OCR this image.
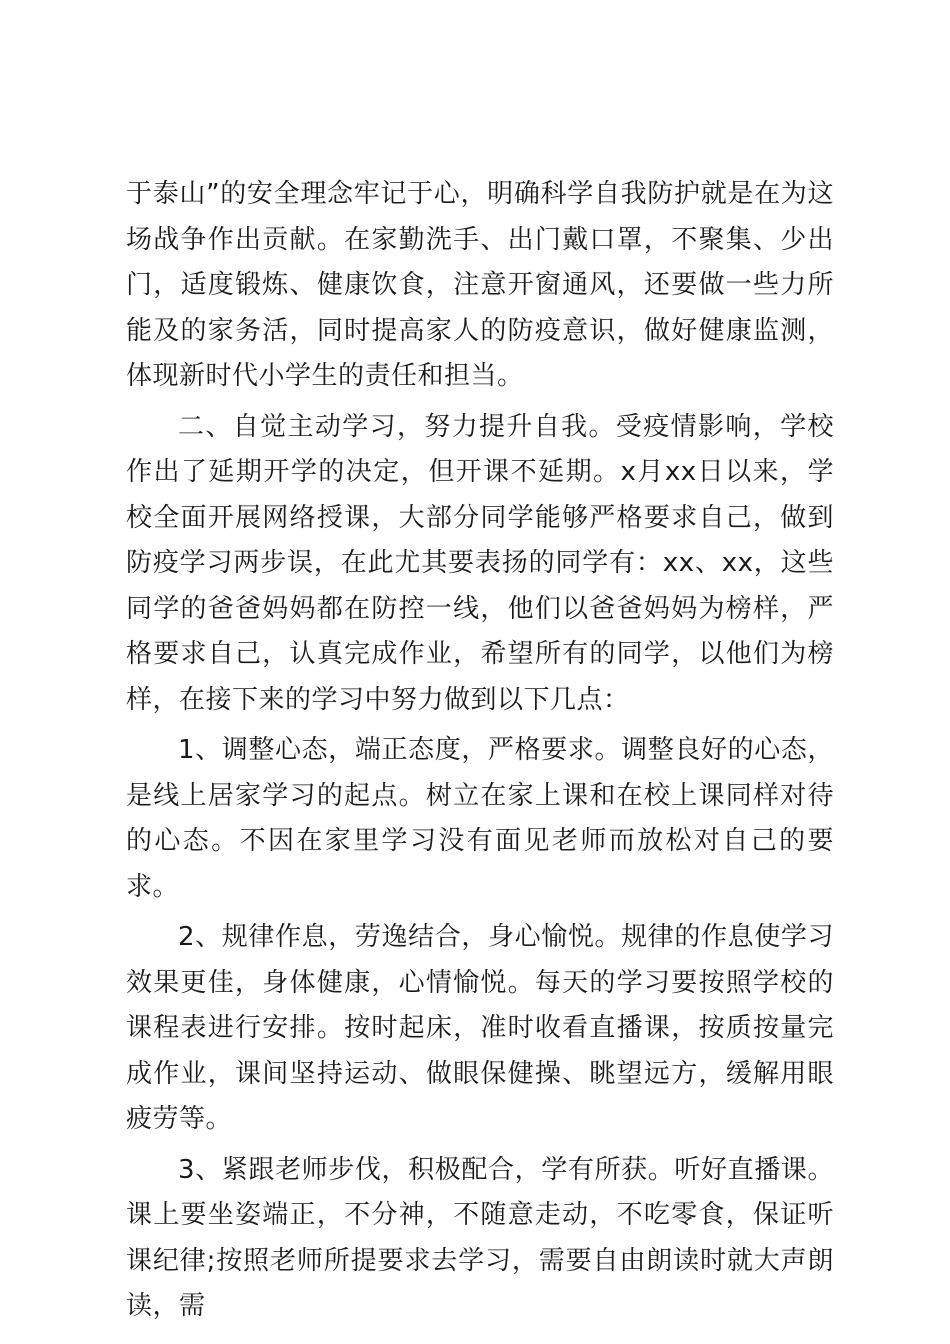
于泰山”的安全理念牢记于心，明确科学自我防护就是在为这场战争作出贡献。在家勤洗手、出门戴口罩，不聚集、少出门，适度锻炼、健康饮食，注意开窗通风，还要做一些力所能及的家务活，同时提高家人的防疫意识，做好健康监测，体现新时代小学生的责任和担当。

二、自觉主动学习，努力提升自我。受疫情影响，学校作出了延期开学的决定，但开课不延期。x月xx日以来，学校全面开展网络授课，大部分同学能够严格要求自己，做到防疫学习两步误，在此尤其要表扬的同学有：xx、xx，这些同学的爸爸妈妈都在防控一线，他们以爸爸妈妈为榜样，严格要求自己，认真完成作业，希望所有的同学，以他们为榜样，在接下来的学习中努力做到以下几点：

1、调整心态，端正态度，严格要求。调整良好的心态，是线上居家学习的起点。树立在家上课和在校上课同样对待的心态。不因在家里学习没有面见老师而放松对自己的要求。

2、规律作息，劳逸结合，身心愉悦。规律的作息使学习效果更佳，身体健康，心情愉悦。每天的学习要按照学校的课程表进行安排。按时起床，准时收看直播课，按质按量完成作业，课间坚持运动、做眼保健操、眺望远方，缓解用眼疲劳等。

3、紧跟老师步伐，积极配合，学有所获。听好直播课。课上要坐姿端正，不分神，不随意走动，不吃零食，保证听课纪律;按照老师所提要求去学习，需要自由朗读时就大声朗读，需
